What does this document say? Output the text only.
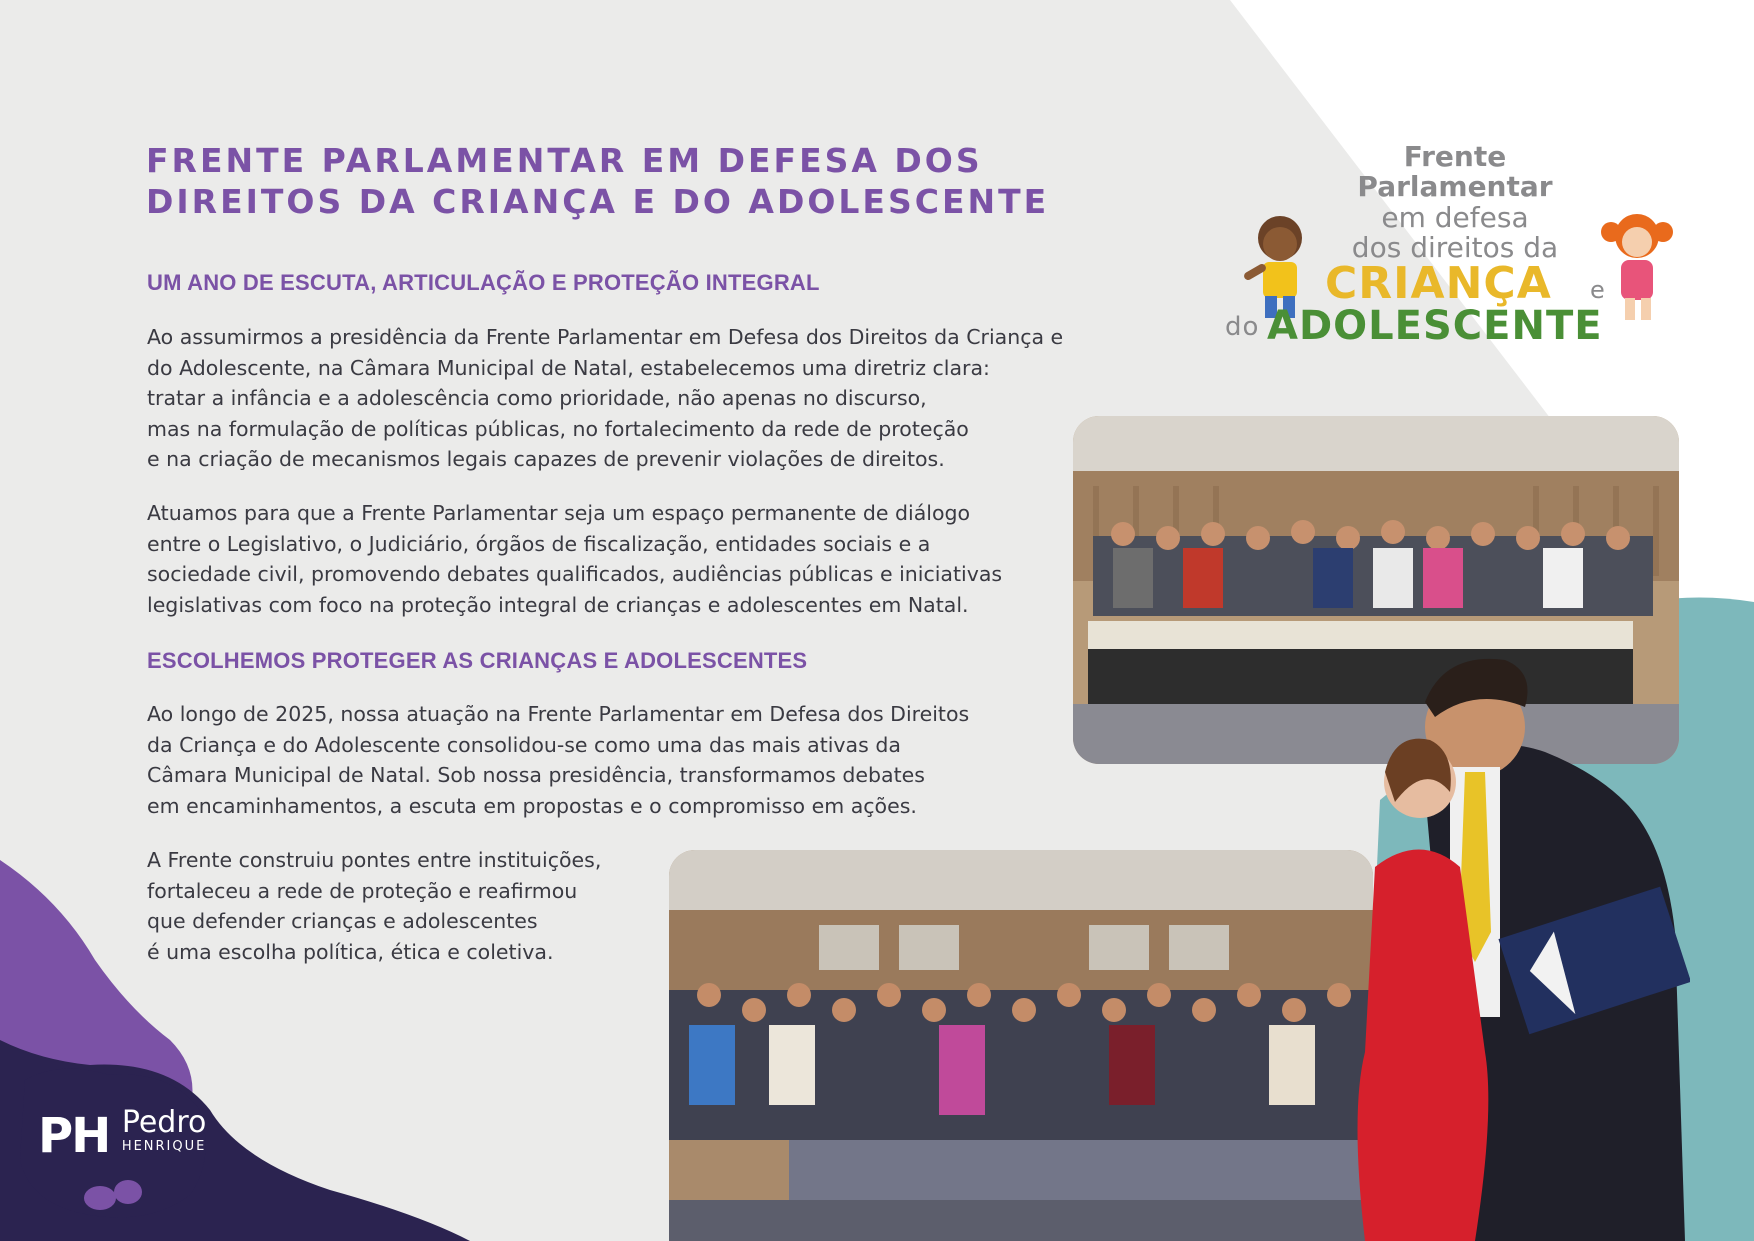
FRENTE PARLAMENTAR EM DEFESA DOS
DIREITOS DA CRIANÇA E DO ADOLESCENTE
UM ANO DE ESCUTA, ARTICULAÇÃO E PROTEÇÃO INTEGRAL

Ao assumirmos a presidência da Frente Parlamentar em Defesa dos Direitos da Criança e
do Adolescente, na Câmara Municipal de Natal, estabelecemos uma diretriz clara:
tratar a infância e a adolescência como prioridade, não apenas no discurso,
mas na formulação de políticas públicas, no fortalecimento da rede de proteção
e na criação de mecanismos legais capazes de prevenir violações de direitos.

Atuamos para que a Frente Parlamentar seja um espaço permanente de diálogo
entre o Legislativo, o Judiciário, órgãos de fiscalização, entidades sociais e a
sociedade civil, promovendo debates qualificados, audiências públicas e iniciativas
legislativas com foco na proteção integral de crianças e adolescentes em Natal.

ESCOLHEMOS PROTEGER AS CRIANÇAS E ADOLESCENTES

Ao longo de 2025, nossa atuação na Frente Parlamentar em Defesa dos Direitos
da Criança e do Adolescente consolidou-se como uma das mais ativas da
Câmara Municipal de Natal. Sob nossa presidência, transformamos debates
em encaminhamentos, a escuta em propostas e o compromisso em ações.

A Frente construiu pontes entre instituições,
fortaleceu a rede de proteção e reafirmou
que defender crianças e adolescentes
é uma escolha política, ética e coletiva.

Frente

Parlamentar

em defesa

dos direitos da

CRIANÇA e

do ADOLESCENTE

PH Pedro
HENRIQUE
